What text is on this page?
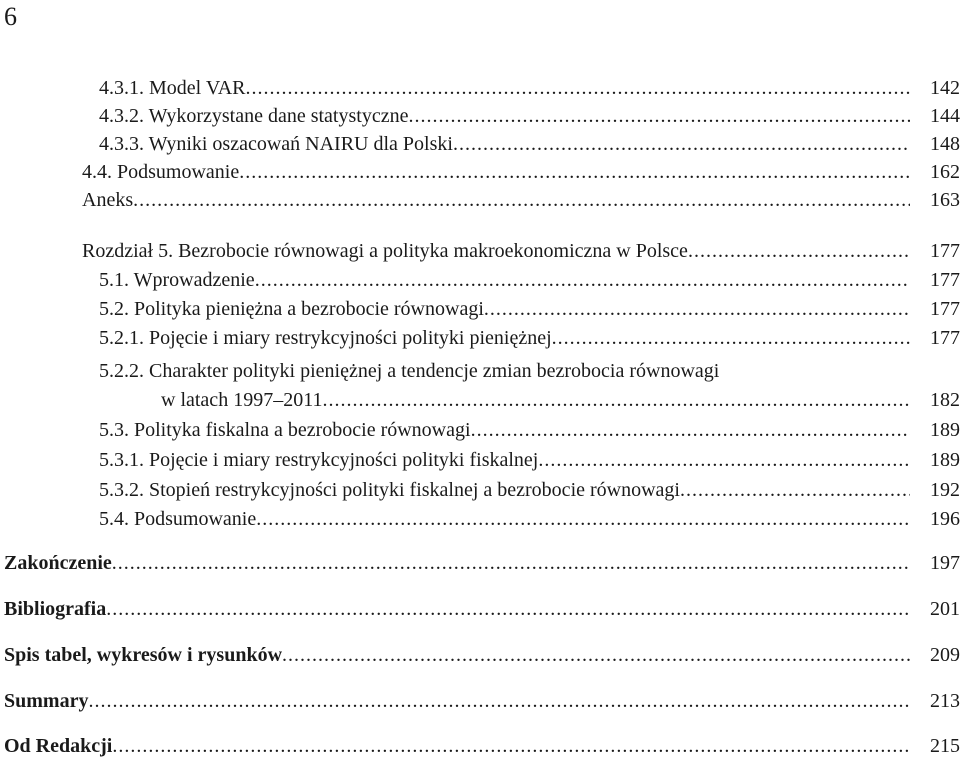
6
4.3.1. Model VAR .....	142
4.3.2. Wykorzystane dane statystyczne .....	144
4.3.3. Wyniki oszacowań NAIRU dla Polski .....	148
4.4. Podsumowanie .....	162
Aneks .....	163
Rozdział 5. Bezrobocie równowagi a polityka makroekonomiczna w Polsce .....	177
5.1. Wprowadzenie .....	177
5.2. Polityka pieniężna a bezrobocie równowagi .....	177
5.2.1. Pojęcie i miary restrykcyjności polityki pieniężnej .....	177
5.2.2. Charakter polityki pieniężnej a tendencje zmian bezrobocia równowagi
w latach 1997–2011 .....	182
5.3. Polityka fiskalna a bezrobocie równowagi .....	189
5.3.1. Pojęcie i miary restrykcyjności polityki fiskalnej .....	189
5.3.2. Stopień restrykcyjności polityki fiskalnej a bezrobocie równowagi .....	192
5.4. Podsumowanie .....	196
Zakończenie .....	197
Bibliografia .....	201
Spis tabel, wykresów i rysunków .....	209
Summary .....	213
Od Redakcji .....	215
